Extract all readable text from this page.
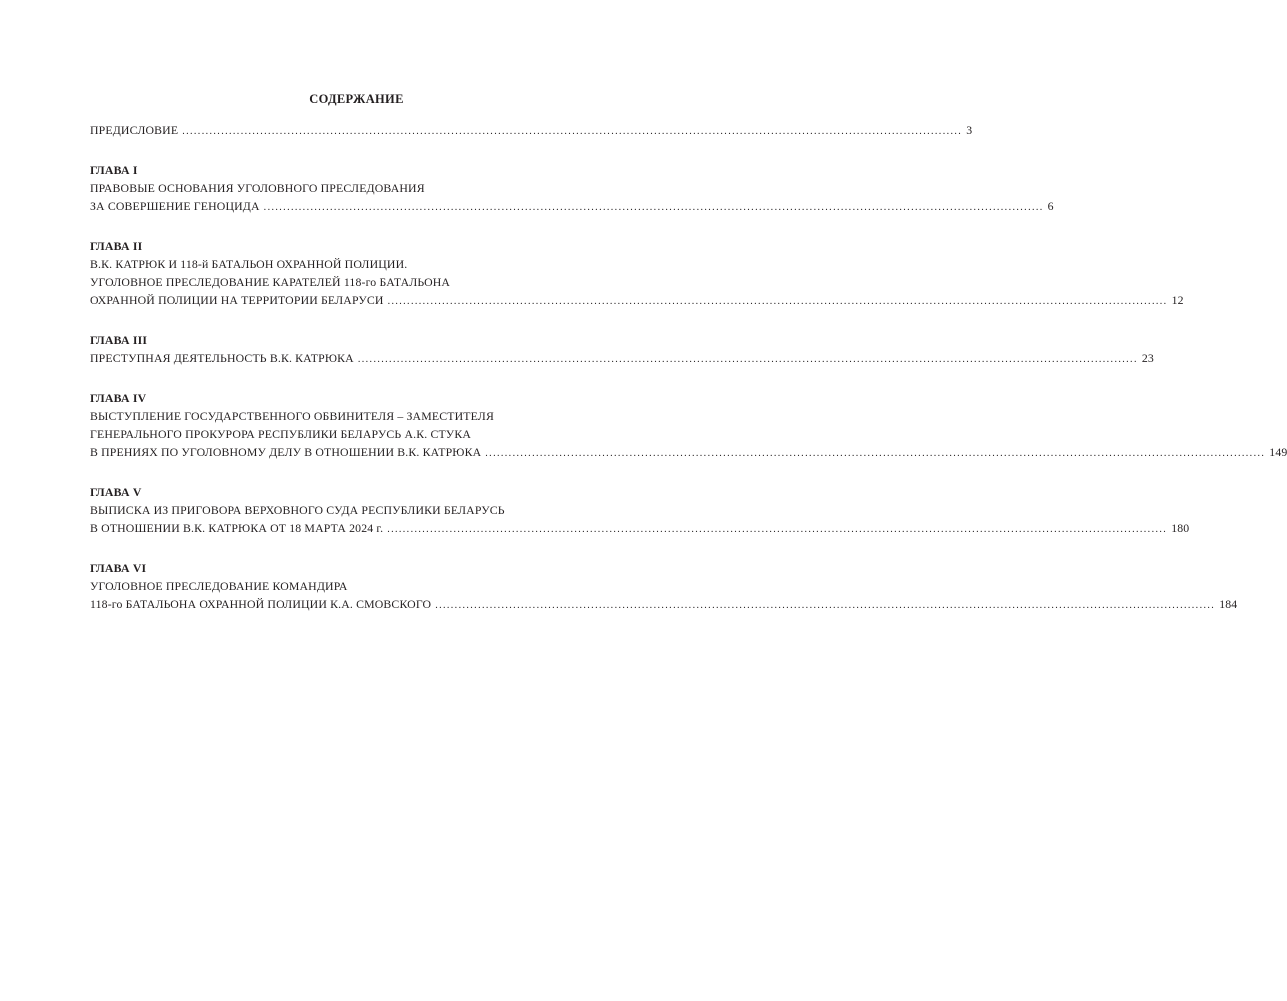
СОДЕРЖАНИЕ
ПРЕДИСЛОВИЕ ........................................................................................................................................................................................................ 3
ГЛАВА I
ПРАВОВЫЕ ОСНОВАНИЯ УГОЛОВНОГО ПРЕСЛЕДОВАНИЯ
ЗА СОВЕРШЕНИЕ ГЕНОЦИДА ........................................................................................................................................................................................................ 6
ГЛАВА II
В.К. КАТРЮК И 118-й БАТАЛЬОН ОХРАННОЙ ПОЛИЦИИ.
УГОЛОВНОЕ ПРЕСЛЕДОВАНИЕ КАРАТЕЛЕЙ 118-го БАТАЛЬОНА
ОХРАННОЙ ПОЛИЦИИ НА ТЕРРИТОРИИ БЕЛАРУСИ ........................................................................................................................................................................................................ 12
ГЛАВА III
ПРЕСТУПНАЯ ДЕЯТЕЛЬНОСТЬ В.К. КАТРЮКА ........................................................................................................................................................................................................ 23
ГЛАВА IV
ВЫСТУПЛЕНИЕ ГОСУДАРСТВЕННОГО ОБВИНИТЕЛЯ – ЗАМЕСТИТЕЛЯ
ГЕНЕРАЛЬНОГО ПРОКУРОРА РЕСПУБЛИКИ БЕЛАРУСЬ А.К. СТУКА
В ПРЕНИЯХ ПО УГОЛОВНОМУ ДЕЛУ В ОТНОШЕНИИ В.К. КАТРЮКА ........................................................................................................................................................................................................ 149
ГЛАВА V
ВЫПИСКА ИЗ ПРИГОВОРА ВЕРХОВНОГО СУДА РЕСПУБЛИКИ БЕЛАРУСЬ
В ОТНОШЕНИИ В.К. КАТРЮКА ОТ 18 МАРТА 2024 г. ........................................................................................................................................................................................................ 180
ГЛАВА VI
УГОЛОВНОЕ ПРЕСЛЕДОВАНИЕ КОМАНДИРА
118-го БАТАЛЬОНА ОХРАННОЙ ПОЛИЦИИ К.А. СМОВСКОГО ........................................................................................................................................................................................................ 184
